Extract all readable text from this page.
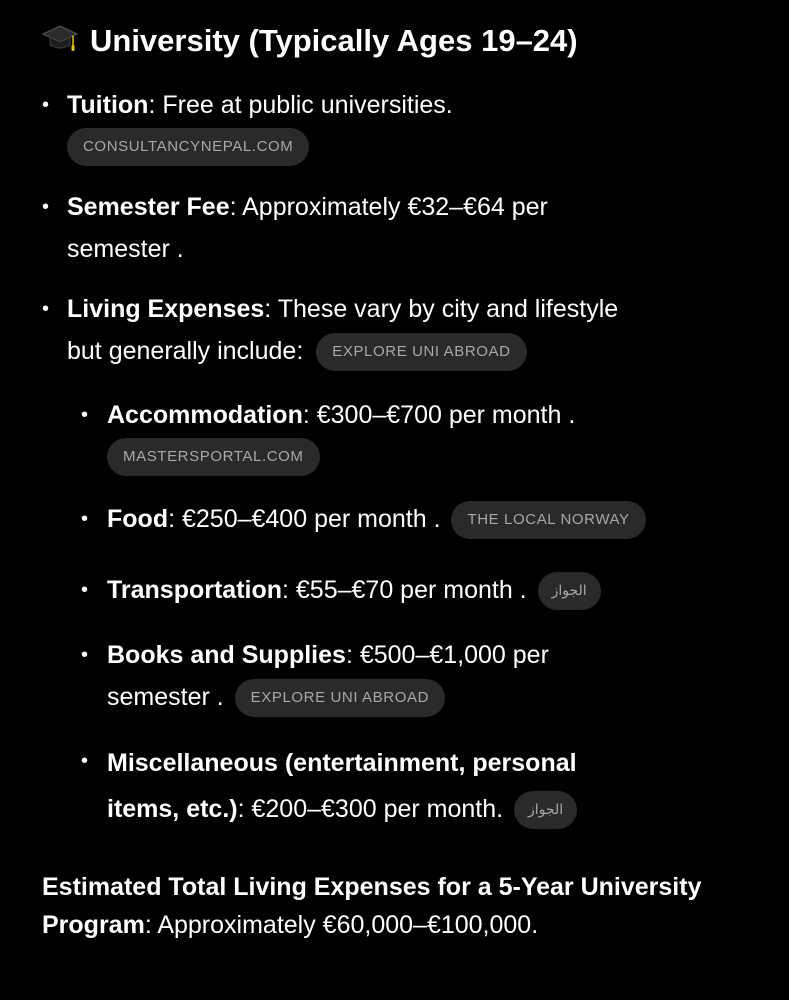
University (Typically Ages 19–24)
• Tuition: Free at public universities.
CONSULTANCYNEPAL.COM
• Semester Fee: Approximately €32–€64 per
semester .
• Living Expenses: These vary by city and lifestyle
but generally include: EXPLORE UNI ABROAD
• Accommodation: €300–€700 per month .
MASTERSPORTAL.COM
• Food: €250–€400 per month . THE LOCAL NORWAY
• Transportation: €55–€70 per month . الجواز
• Books and Supplies: €500–€1,000 per
semester . EXPLORE UNI ABROAD
• Miscellaneous (entertainment, personal
items, etc.): €200–€300 per month. الجواز
Estimated Total Living Expenses for a 5-Year University Program: Approximately €60,000–€100,000.
